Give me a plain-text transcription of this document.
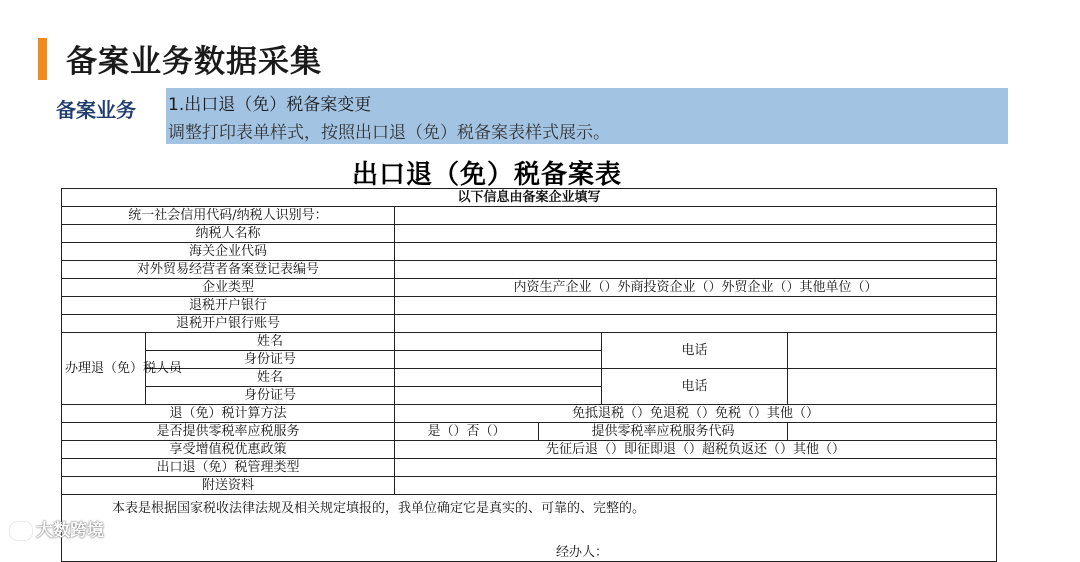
备案业务数据采集
备案业务 1.出口退（免）税备案变更
调整打印表单样式，按照出口退（免）税备案表样式展示。
出口退（免）税备案表
以下信息由备案企业填写					
统一社会信用代码/纳税人识别号：					
纳税人名称					
海关企业代码					
对外贸易经营者备案登记表编号					
企业类型		内资生产企业（）外商投资企业（）外贸企业（）其他单位（）			
退税开户银行					
退税开户银行账号					
办理退（免）税人员	姓名			电话	
	身份证号				
	姓名			电话	
	身份证号				
退（免）税计算方法		免抵退税（）免退税（）免税（）其他（）			
是否提供零税率应税服务		是（）否（）	提供零税率应税服务代码		
享受增值税优惠政策		先征后退（）即征即退（）超税负返还（）其他（）			
出口退（免）税管理类型					
附送资料					
本表是根据国家税收法律法规及相关规定填报的，我单位确定它是真实的、可靠的、完整的。					
经办人：					
大数跨境
